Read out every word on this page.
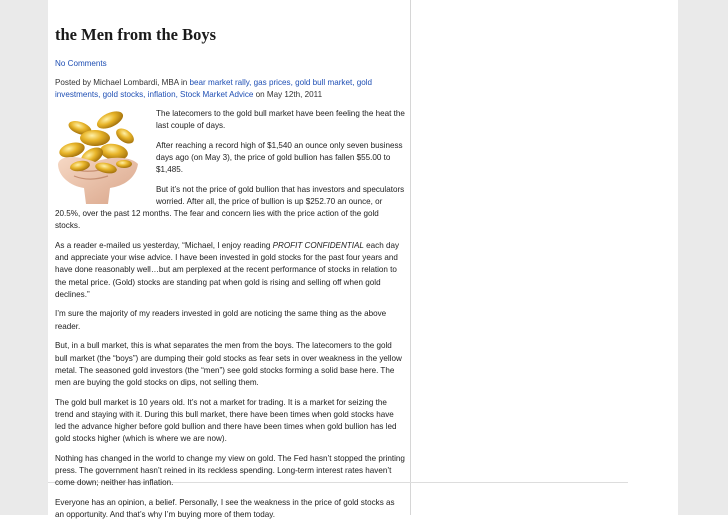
the Men from the Boys
No Comments
Posted by Michael Lombardi, MBA in bear market rally, gas prices, gold bull market, gold investments, gold stocks, inflation, Stock Market Advice on May 12th, 2011

The latecomers to the gold bull market have been feeling the heat the last couple of days.

After reaching a record high of $1,540 an ounce only seven business days ago (on May 3), the price of gold bullion has fallen $55.00 to $1,485.

But it’s not the price of gold bullion that has investors and speculators worried. After all, the price of bullion is up $252.70 an ounce, or 20.5%, over the past 12 months. The fear and concern lies with the price action of the gold stocks.

As a reader e-mailed us yesterday, “Michael, I enjoy reading PROFIT CONFIDENTIAL each day and appreciate your wise advice. I have been invested in gold stocks for the past four years and have done reasonably well…but am perplexed at the recent performance of stocks in relation to the metal price. (Gold) stocks are standing pat when gold is rising and selling off when gold declines.”

I’m sure the majority of my readers invested in gold are noticing the same thing as the above reader.

But, in a bull market, this is what separates the men from the boys. The latecomers to the gold bull market (the “boys”) are dumping their gold stocks as fear sets in over weakness in the yellow metal. The seasoned gold investors (the “men”) see gold stocks forming a solid base here. The men are buying the gold stocks on dips, not selling them.

The gold bull market is 10 years old. It’s not a market for trading. It is a market for seizing the trend and staying with it. During this bull market, there have been times when gold stocks have led the advance higher before gold bullion and there have been times when gold bullion has led gold stocks higher (which is where we are now).

Nothing has changed in the world to change my view on gold. The Fed hasn’t stopped the printing press. The government hasn’t reined in its reckless spending. Long-term interest rates haven’t come down; neither has inflation.

Everyone has an opinion, a belief. Personally, I see the weakness in the price of gold stocks as an opportunity. And that’s why I’m buying more of them today.
